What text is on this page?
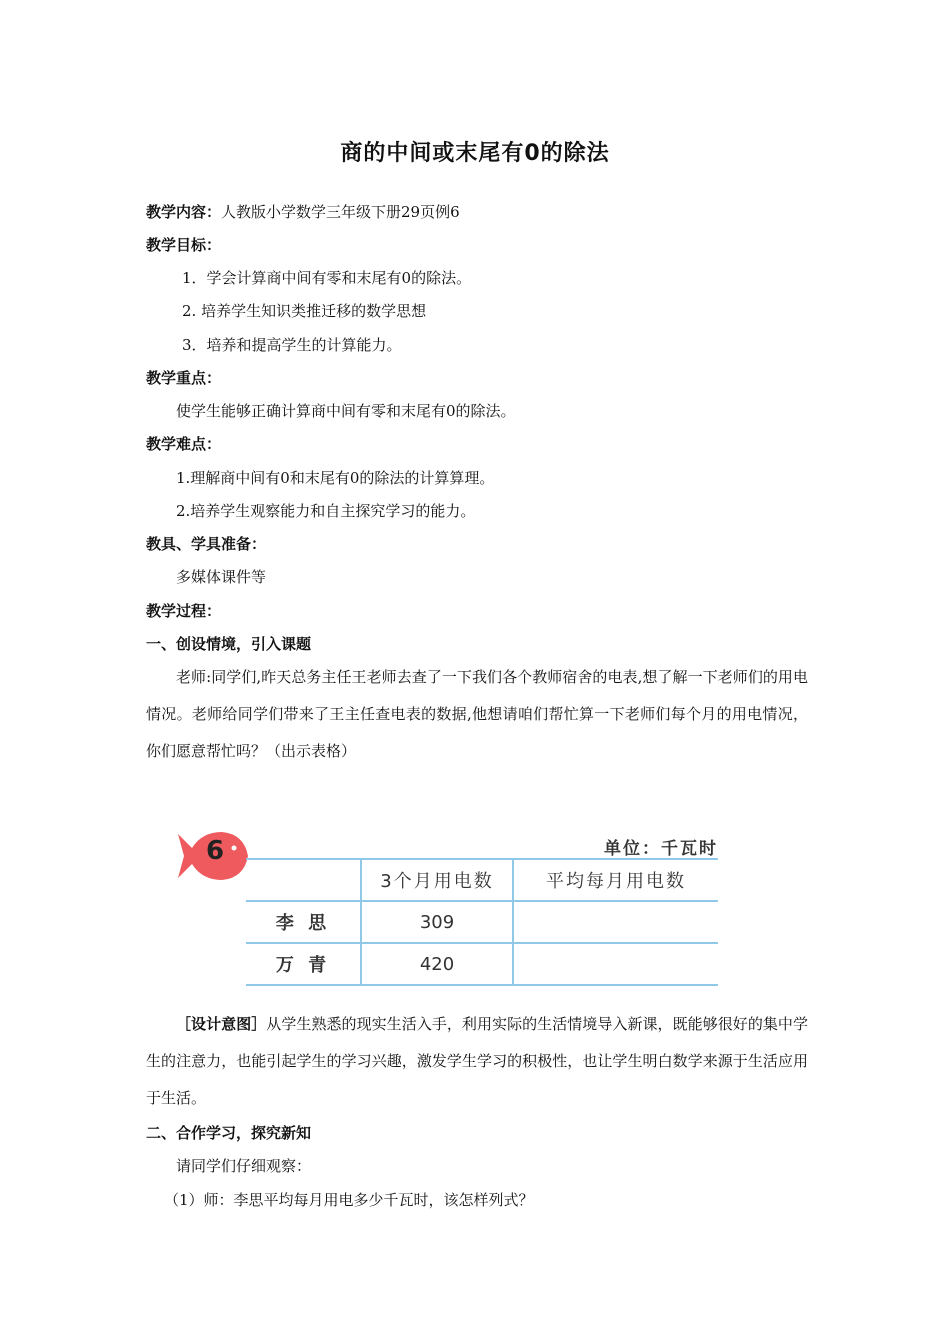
商的中间或末尾有0的除法
教学内容：人教版小学数学三年级下册29页例6
教学目标：
1．学会计算商中间有零和末尾有0的除法。
2. 培养学生知识类推迁移的数学思想
3．培养和提高学生的计算能力。
教学重点：
使学生能够正确计算商中间有零和末尾有0的除法。
教学难点：
1.理解商中间有0和末尾有0的除法的计算算理。
2.培养学生观察能力和自主探究学习的能力。
教具、学具准备：
多媒体课件等
教学过程：
一、创设情境，引入课题
老师:同学们,昨天总务主任王老师去查了一下我们各个教师宿舍的电表,想了解一下老师们的用电情况。老师给同学们带来了王主任查电表的数据,他想请咱们帮忙算一下老师们每个月的用电情况，你们愿意帮忙吗？（出示表格）
6	单位：千瓦时
	3个月用电数	平均每月用电数
李 思	309	
万 青	420	
［设计意图］从学生熟悉的现实生活入手，利用实际的生活情境导入新课，既能够很好的集中学生的注意力，也能引起学生的学习兴趣，激发学生学习的积极性，也让学生明白数学来源于生活应用于生活。
二、合作学习，探究新知
请同学们仔细观察：
（1）师：李思平均每月用电多少千瓦时，该怎样列式？
